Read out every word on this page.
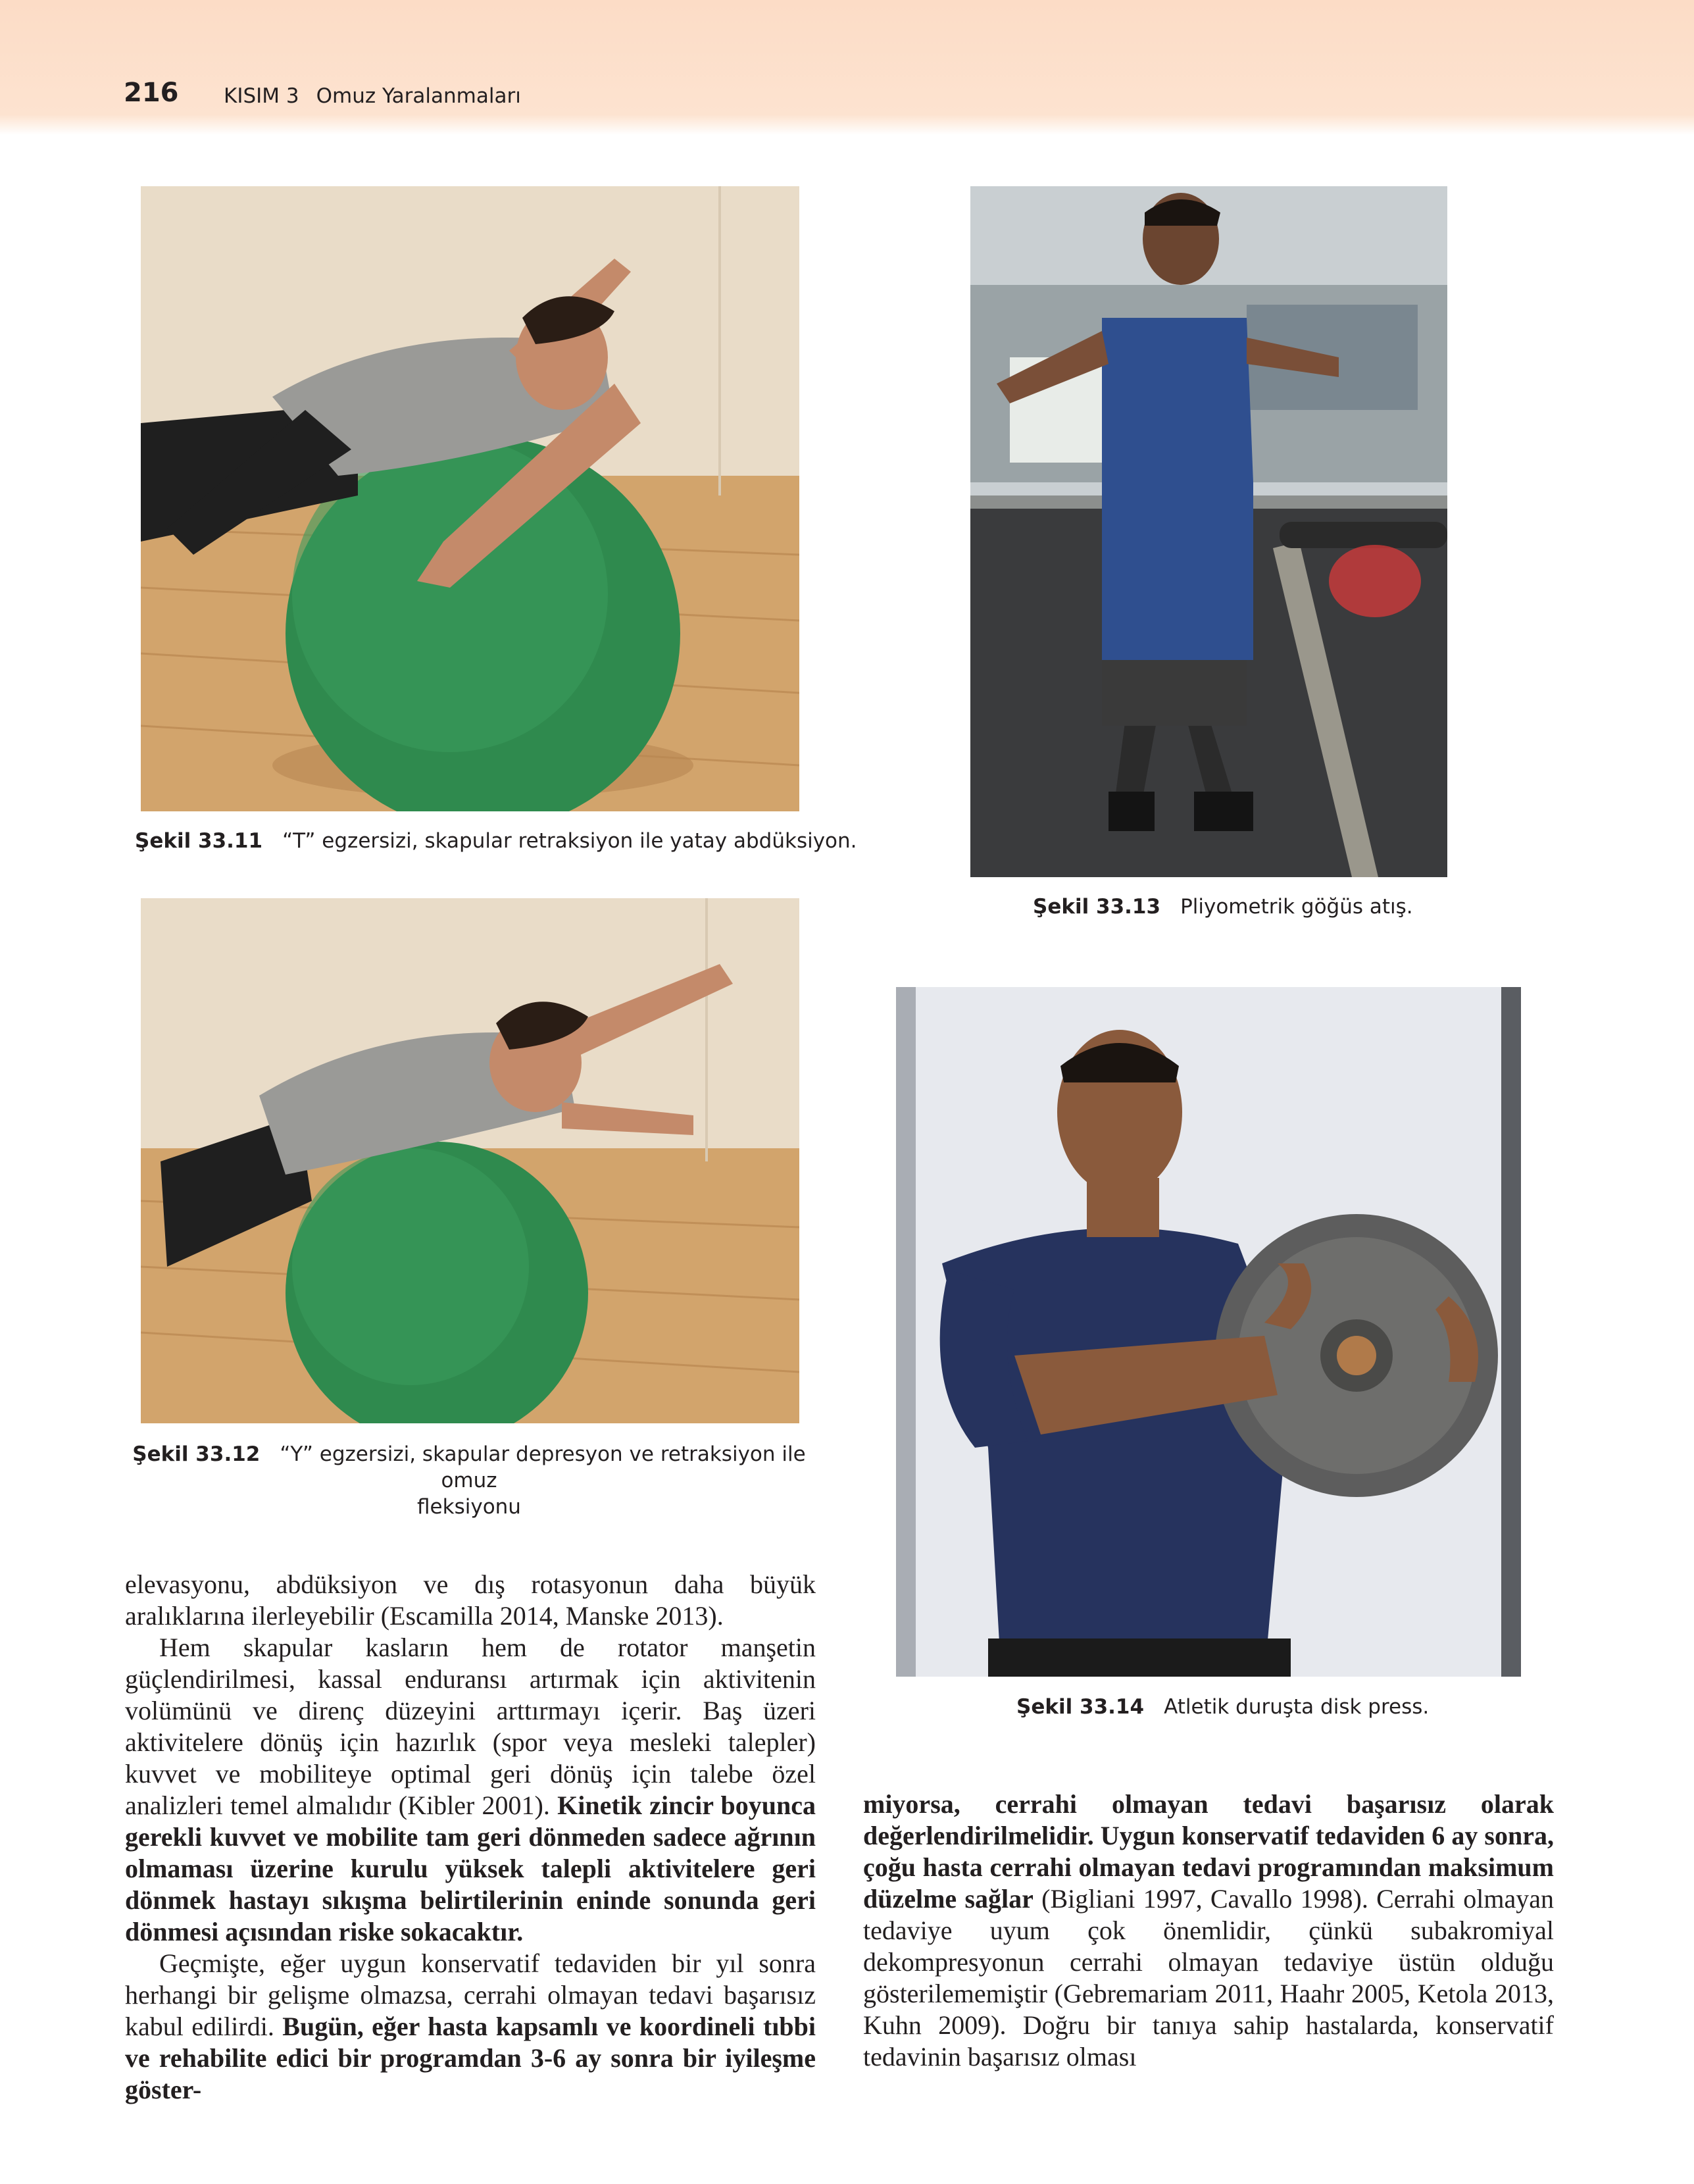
216 KISIM 3 Omuz Yaralanmaları
Şekil 33.11 “T” egzersizi, skapular retraksiyon ile yatay abdüksiyon.
Şekil 33.12 “Y” egzersizi, skapular depresyon ve retraksiyon ile omuz
fleksiyonu
Şekil 33.13 Pliyometrik göğüs atış.
Şekil 33.14 Atletik duruşta disk press.

elevasyonu, abdüksiyon ve dış rotasyonun daha büyük aralıklarına ilerleyebilir (Escamilla 2014, Manske 2013).

Hem skapular kasların hem de rotator manşetin güçlendirilmesi, kassal enduransı artırmak için aktivitenin volümünü ve direnç düzeyini arttırmayı içerir. Baş üzeri aktivitelere dönüş için hazırlık (spor veya mesleki talepler) kuvvet ve mobiliteye optimal geri dönüş için talebe özel analizleri temel almalıdır (Kibler 2001). Kinetik zincir boyunca gerekli kuvvet ve mobilite tam geri dönmeden sadece ağrının olmaması üzerine kurulu yüksek talepli aktivitelere geri dönmek hastayı sıkışma belirtilerinin eninde sonunda geri dönmesi açısından riske sokacaktır.

Geçmişte, eğer uygun konservatif tedaviden bir yıl sonra herhangi bir gelişme olmazsa, cerrahi olmayan tedavi başarısız kabul edilirdi. Bugün, eğer hasta kapsamlı ve koordineli tıbbi ve rehabilite edici bir programdan 3-6 ay sonra bir iyileşme göster-

miyorsa, cerrahi olmayan tedavi başarısız olarak değerlendirilmelidir. Uygun konservatif tedaviden 6 ay sonra, çoğu hasta cerrahi olmayan tedavi programından maksimum düzelme sağlar (Bigliani 1997, Cavallo 1998). Cerrahi olmayan tedaviye uyum çok önemlidir, çünkü subakromiyal dekompresyonun cerrahi olmayan tedaviye üstün olduğu gösterilememiştir (Gebremariam 2011, Haahr 2005, Ketola 2013, Kuhn 2009). Doğru bir tanıya sahip hastalarda, konservatif tedavinin başarısız olması
